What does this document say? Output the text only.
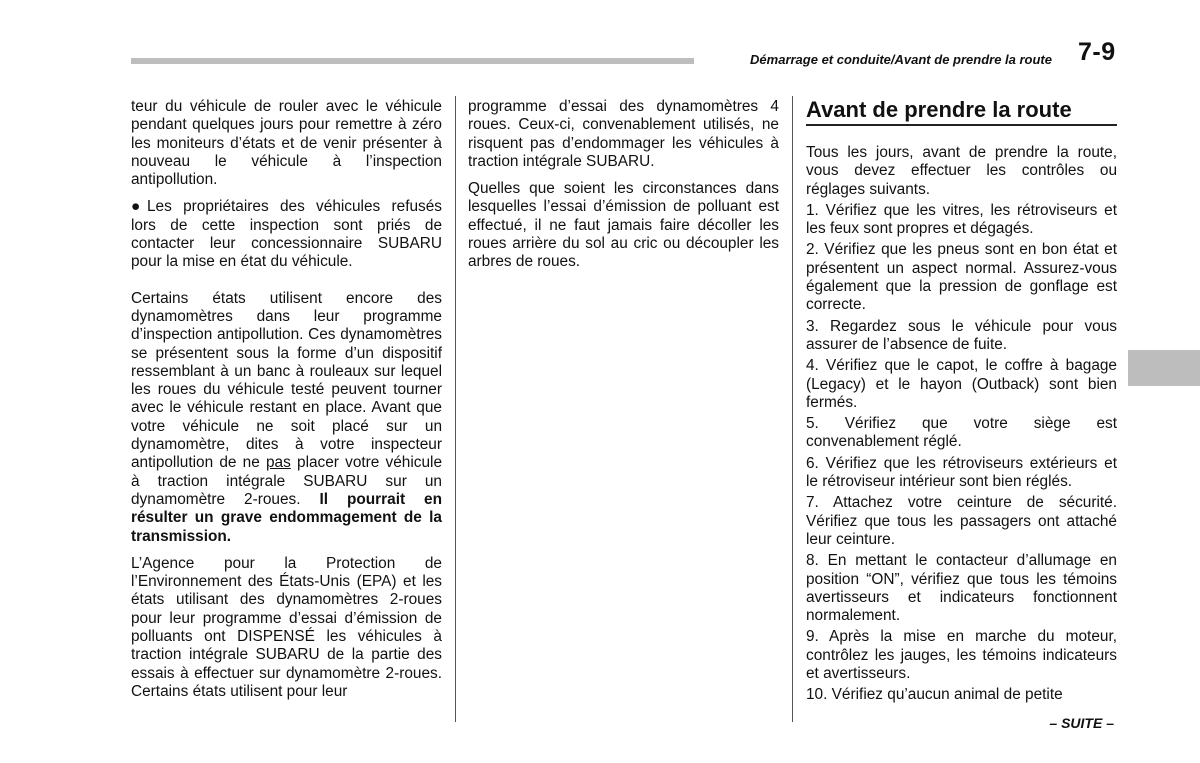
Démarrage et conduite/Avant de prendre la route 7-9

teur du véhicule de rouler avec le véhicule pendant quelques jours pour remettre à zéro les moniteurs d’états et de venir présenter à nouveau le véhicule à l’inspection antipollution.

● Les propriétaires des véhicules refusés lors de cette inspection sont priés de contacter leur concessionnaire SUBARU pour la mise en état du véhicule.

Certains états utilisent encore des dynamomètres dans leur programme d’inspection antipollution. Ces dynamomètres se présentent sous la forme d’un dispositif ressemblant à un banc à rouleaux sur lequel les roues du véhicule testé peuvent tourner avec le véhicule restant en place. Avant que votre véhicule ne soit placé sur un dynamomètre, dites à votre inspecteur antipollution de ne pas placer votre véhicule à traction intégrale SUBARU sur un dynamomètre 2-roues. Il pourrait en résulter un grave endommagement de la transmission.

L’Agence pour la Protection de l’Environnement des États-Unis (EPA) et les états utilisant des dynamomètres 2-roues pour leur programme d’essai d’émission de polluants ont DISPENSÉ les véhicules à traction intégrale SUBARU de la partie des essais à effectuer sur dynamomètre 2-roues. Certains états utilisent pour leur

programme d’essai des dynamomètres 4 roues. Ceux-ci, convenablement utilisés, ne risquent pas d’endommager les véhicules à traction intégrale SUBARU.

Quelles que soient les circonstances dans lesquelles l’essai d’émission de polluant est effectué, il ne faut jamais faire décoller les roues arrière du sol au cric ou découpler les arbres de roues.

Avant de prendre la route

Tous les jours, avant de prendre la route, vous devez effectuer les contrôles ou réglages suivants.

1. Vérifiez que les vitres, les rétroviseurs et les feux sont propres et dégagés.

2. Vérifiez que les pneus sont en bon état et présentent un aspect normal. Assurez-vous également que la pression de gonflage est correcte.

3. Regardez sous le véhicule pour vous assurer de l’absence de fuite.

4. Vérifiez que le capot, le coffre à bagage (Legacy) et le hayon (Outback) sont bien fermés.

5. Vérifiez que votre siège est convenablement réglé.

6. Vérifiez que les rétroviseurs extérieurs et le rétroviseur intérieur sont bien réglés.

7. Attachez votre ceinture de sécurité. Vérifiez que tous les passagers ont attaché leur ceinture.

8. En mettant le contacteur d’allumage en position “ON”, vérifiez que tous les témoins avertisseurs et indicateurs fonctionnent normalement.

9. Après la mise en marche du moteur, contrôlez les jauges, les témoins indicateurs et avertisseurs.

10. Vérifiez qu’aucun animal de petite

– SUITE –
